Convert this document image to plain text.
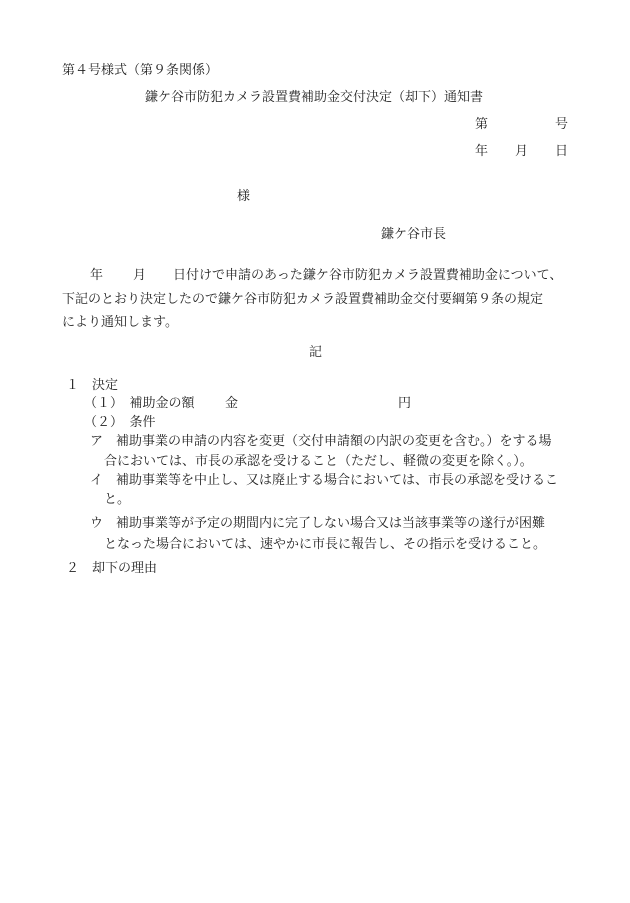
第４号様式（第９条関係）
鎌ケ谷市防犯カメラ設置費補助金交付決定（却下）通知書
第	号
年 月 日
様
鎌ケ谷市長
年 月 日付けで申請のあった鎌ケ谷市防犯カメラ設置費補助金について、
下記のとおり決定したので鎌ケ谷市防犯カメラ設置費補助金交付要綱第９条の規定
により通知します。
記
１　決定
（１）　補助金の額 金	円
（２）　条件
ア　補助事業の申請の内容を変更（交付申請額の内訳の変更を含む。）をする場
合においては、市長の承認を受けること（ただし、軽微の変更を除く。）。
イ　補助事業等を中止し、又は廃止する場合においては、市長の承認を受けるこ
と。
ウ　補助事業等が予定の期間内に完了しない場合又は当該事業等の遂行が困難
となった場合においては、速やかに市長に報告し、その指示を受けること。
２　却下の理由
